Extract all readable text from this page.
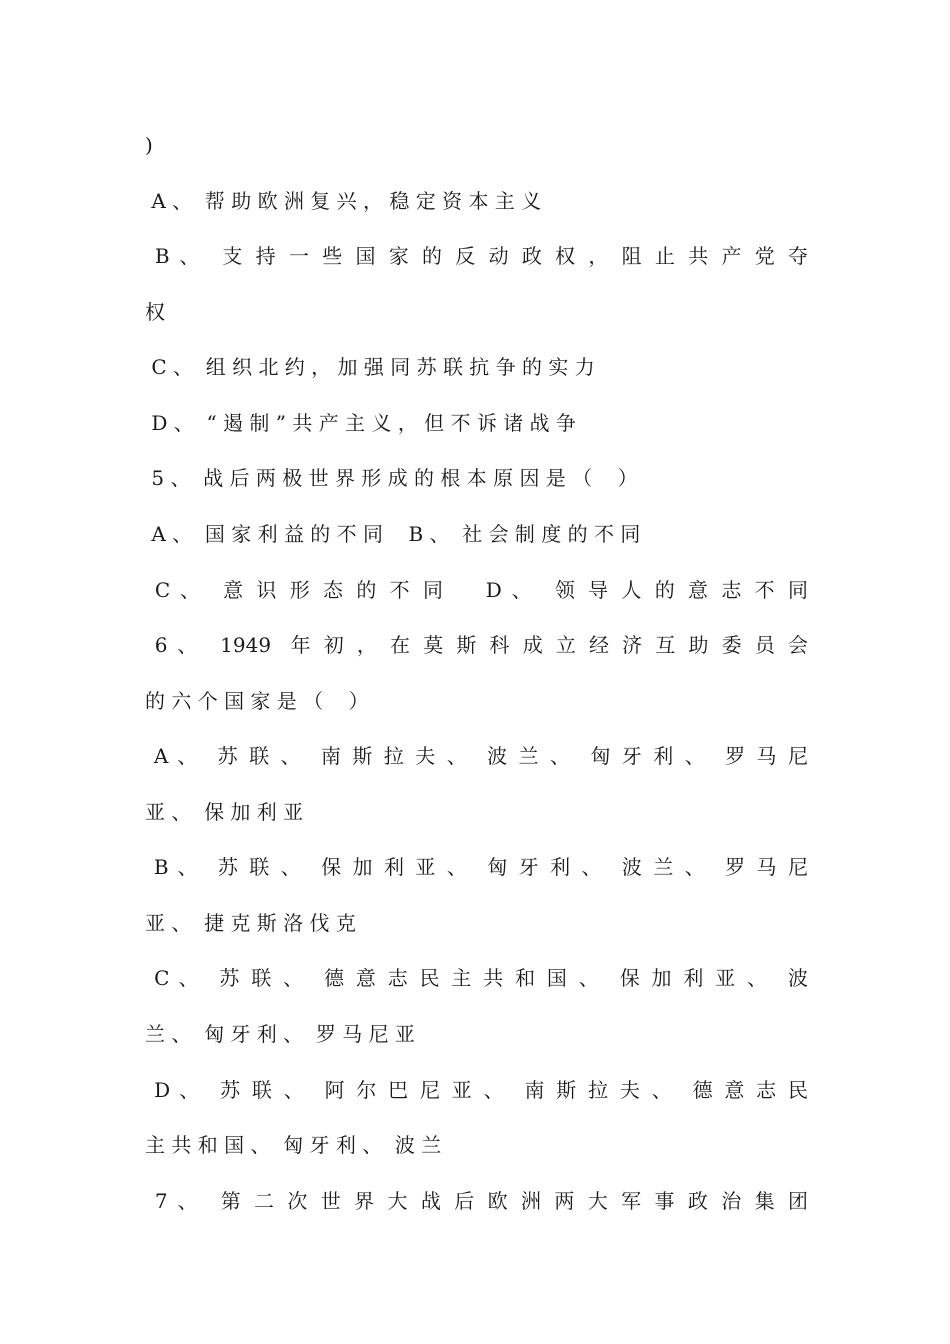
)
A 、  帮 助 欧 洲 复 兴 ， 稳 定 资 本 主 义
B 、  支 持 一 些 国 家 的 反 动 政 权 ， 阻 止 共 产 党 夺
权
C 、  组 织 北 约 ， 加 强 同 苏 联 抗 争 的 实 力
D 、  “ 遏 制 ” 共 产 主 义 ， 但 不 诉 诸 战 争
5 、  战 后 两 极 世 界 形 成 的 根 本 原 因 是 （    ）
A 、  国 家 利 益 的 不 同    B 、  社 会 制 度 的 不 同
C 、  意 识 形 态 的 不 同    D 、  领 导 人 的 意 志 不 同
6 、  1949  年 初 ， 在 莫 斯 科 成 立 经 济 互 助 委 员 会
的 六 个 国 家 是 （    ）
A 、  苏 联 、  南 斯 拉 夫 、  波 兰 、  匈 牙 利 、  罗 马 尼
亚 、  保 加 利 亚
B 、  苏 联 、  保 加 利 亚 、  匈 牙 利 、  波 兰 、  罗 马 尼
亚 、  捷 克 斯 洛 伐 克
C 、  苏 联 、  德 意 志 民 主 共 和 国 、  保 加 利 亚 、  波
兰 、  匈 牙 利 、  罗 马 尼 亚
D 、  苏 联 、  阿 尔 巴 尼 亚 、  南 斯 拉 夫 、  德 意 志 民
主 共 和 国 、  匈 牙 利 、  波 兰
7 、  第 二 次 世 界 大 战 后 欧 洲 两 大 军 事 政 治 集 团
